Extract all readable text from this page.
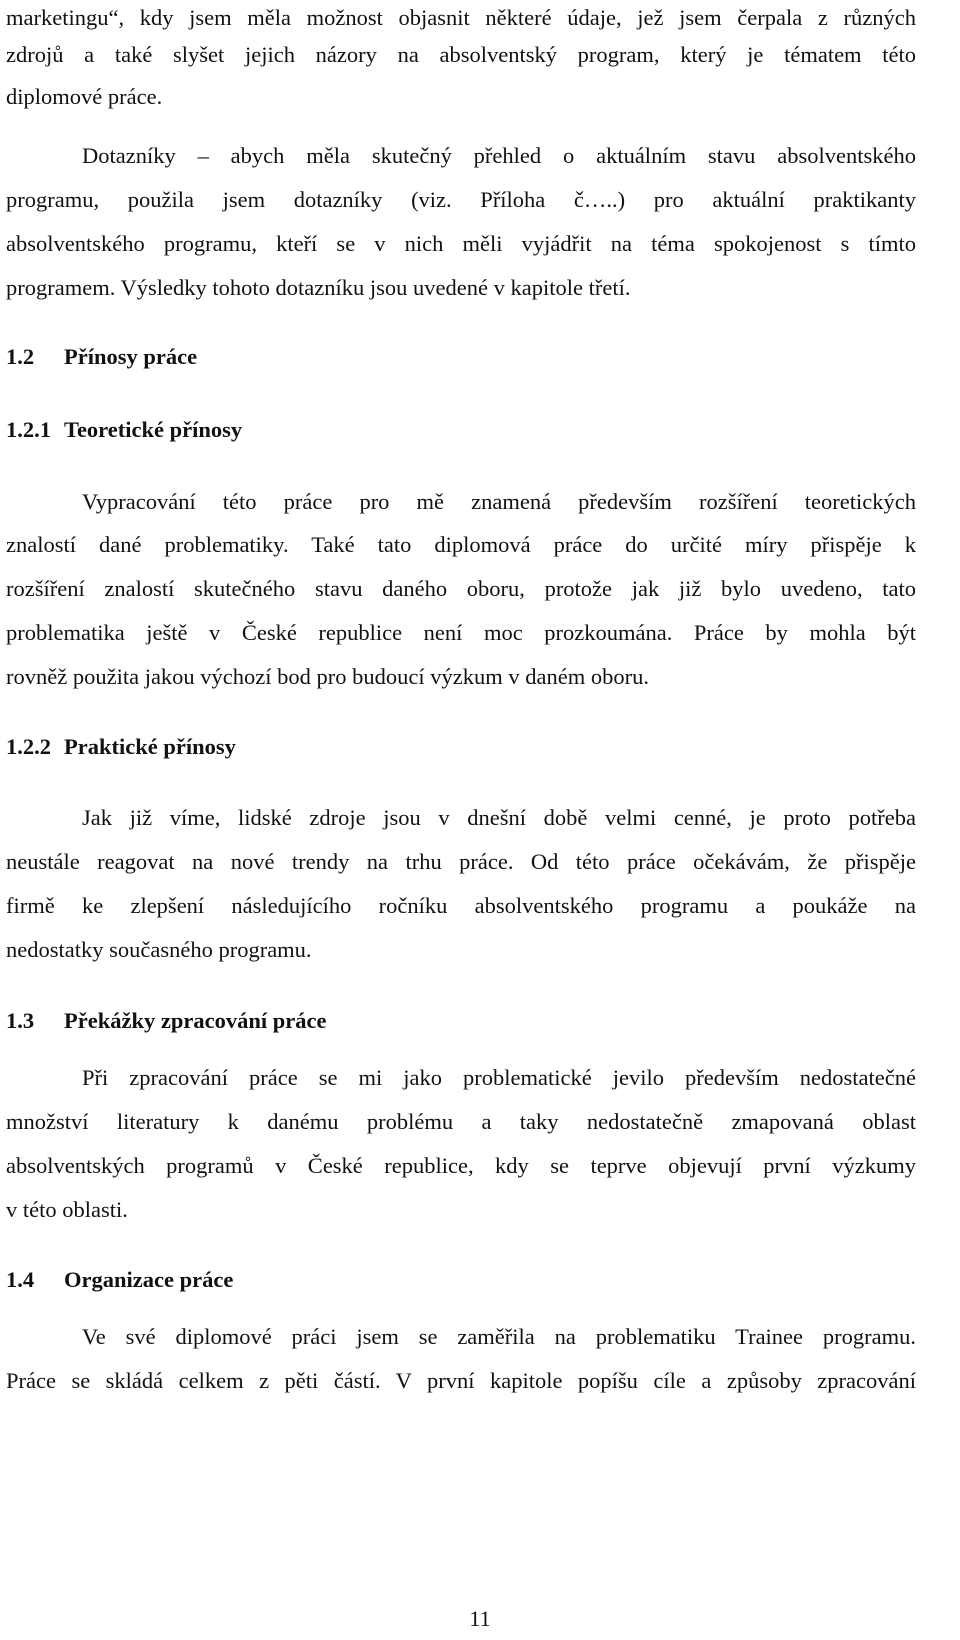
marketingu“, kdy jsem měla možnost objasnit některé údaje, jež jsem čerpala z různých
zdrojů a také slyšet jejich názory na absolventský program, který je tématem této
diplomové práce.
Dotazníky – abych měla skutečný přehled o aktuálním stavu absolventského
programu, použila jsem dotazníky (viz. Příloha č…..) pro aktuální praktikanty
absolventského programu, kteří se v nich měli vyjádřit na téma spokojenost s tímto
programem. Výsledky tohoto dotazníku jsou uvedené v kapitole třetí.
1.2 Přínosy práce
1.2.1 Teoretické přínosy
Vypracování této práce pro mě znamená především rozšíření teoretických
znalostí dané problematiky. Také tato diplomová práce do určité míry přispěje k
rozšíření znalostí skutečného stavu daného oboru, protože jak již bylo uvedeno, tato
problematika ještě v České republice není moc prozkoumána. Práce by mohla být
rovněž použita jakou výchozí bod pro budoucí výzkum v daném oboru.
1.2.2 Praktické přínosy
Jak již víme, lidské zdroje jsou v dnešní době velmi cenné, je proto potřeba
neustále reagovat na nové trendy na trhu práce. Od této práce očekávám, že přispěje
firmě ke zlepšení následujícího ročníku absolventského programu a poukáže na
nedostatky současného programu.
1.3 Překážky zpracování práce
Při zpracování práce se mi jako problematické jevilo především nedostatečné
množství literatury k danému problému a taky nedostatečně zmapovaná oblast
absolventských programů v České republice, kdy se teprve objevují první výzkumy
v této oblasti.
1.4 Organizace práce
Ve své diplomové práci jsem se zaměřila na problematiku Trainee programu.
Práce se skládá celkem z pěti částí. V první kapitole popíšu cíle a způsoby zpracování
11
